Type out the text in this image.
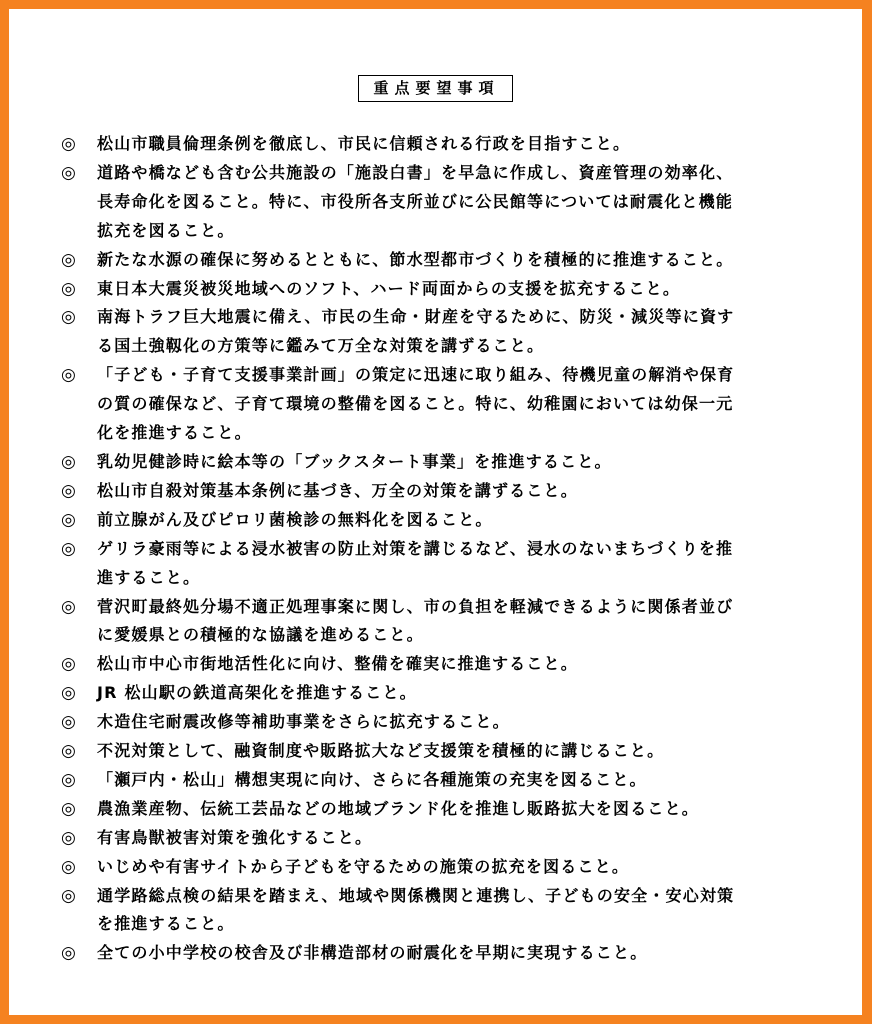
重点要望事項
◎	松山市職員倫理条例を徹底し、市民に信頼される行政を目指すこと。
◎	道路や橋なども含む公共施設の「施設白書」を早急に作成し、資産管理の効率化、
長寿命化を図ること。特に、市役所各支所並びに公民館等については耐震化と機能
拡充を図ること。
◎	新たな水源の確保に努めるとともに、節水型都市づくりを積極的に推進すること。
◎	東日本大震災被災地域へのソフト、ハード両面からの支援を拡充すること。
◎	南海トラフ巨大地震に備え、市民の生命・財産を守るために、防災・減災等に資す
る国土強靱化の方策等に鑑みて万全な対策を講ずること。
◎	「子ども・子育て支援事業計画」の策定に迅速に取り組み、待機児童の解消や保育
の質の確保など、子育て環境の整備を図ること。特に、幼稚園においては幼保一元
化を推進すること。
◎	乳幼児健診時に絵本等の「ブックスタート事業」を推進すること。
◎	松山市自殺対策基本条例に基づき、万全の対策を講ずること。
◎	前立腺がん及びピロリ菌検診の無料化を図ること。
◎	ゲリラ豪雨等による浸水被害の防止対策を講じるなど、浸水のないまちづくりを推
進すること。
◎	菅沢町最終処分場不適正処理事案に関し、市の負担を軽減できるように関係者並び
に愛媛県との積極的な協議を進めること。
◎	松山市中心市街地活性化に向け、整備を確実に推進すること。
◎	JR 松山駅の鉄道高架化を推進すること。
◎	木造住宅耐震改修等補助事業をさらに拡充すること。
◎	不況対策として、融資制度や販路拡大など支援策を積極的に講じること。
◎	「瀬戸内・松山」構想実現に向け、さらに各種施策の充実を図ること。
◎	農漁業産物、伝統工芸品などの地域ブランド化を推進し販路拡大を図ること。
◎	有害鳥獣被害対策を強化すること。
◎	いじめや有害サイトから子どもを守るための施策の拡充を図ること。
◎	通学路総点検の結果を踏まえ、地域や関係機関と連携し、子どもの安全・安心対策
を推進すること。
◎	全ての小中学校の校舎及び非構造部材の耐震化を早期に実現すること。
